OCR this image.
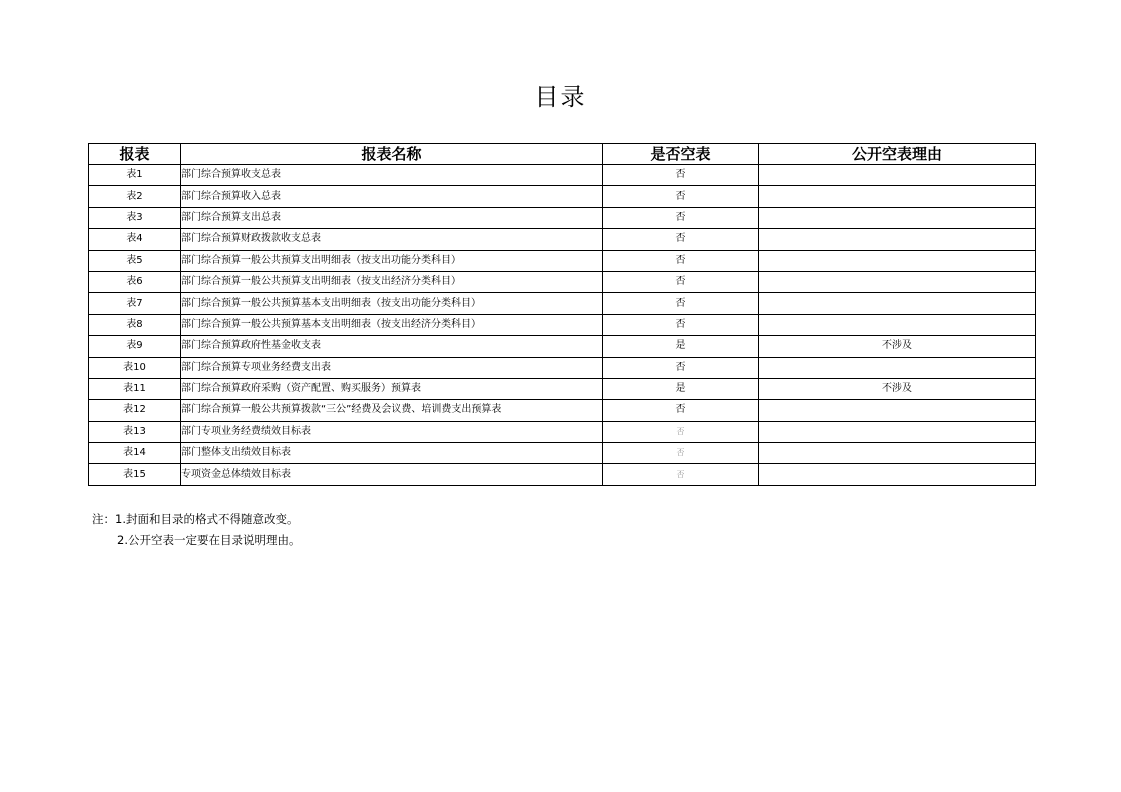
目录
报表	报表名称	是否空表	公开空表理由
表1	部门综合预算收支总表	否	
表2	部门综合预算收入总表	否	
表3	部门综合预算支出总表	否	
表4	部门综合预算财政拨款收支总表	否	
表5	部门综合预算一般公共预算支出明细表（按支出功能分类科目）	否	
表6	部门综合预算一般公共预算支出明细表（按支出经济分类科目）	否	
表7	部门综合预算一般公共预算基本支出明细表（按支出功能分类科目）	否	
表8	部门综合预算一般公共预算基本支出明细表（按支出经济分类科目）	否	
表9	部门综合预算政府性基金收支表	是	不涉及
表10	部门综合预算专项业务经费支出表	否	
表11	部门综合预算政府采购（资产配置、购买服务）预算表	是	不涉及
表12	部门综合预算一般公共预算拨款“三公”经费及会议费、培训费支出预算表	否	
表13	部门专项业务经费绩效目标表	否	
表14	部门整体支出绩效目标表	否	
表15	专项资金总体绩效目标表	否	
注：1.封面和目录的格式不得随意改变。
2.公开空表一定要在目录说明理由。
